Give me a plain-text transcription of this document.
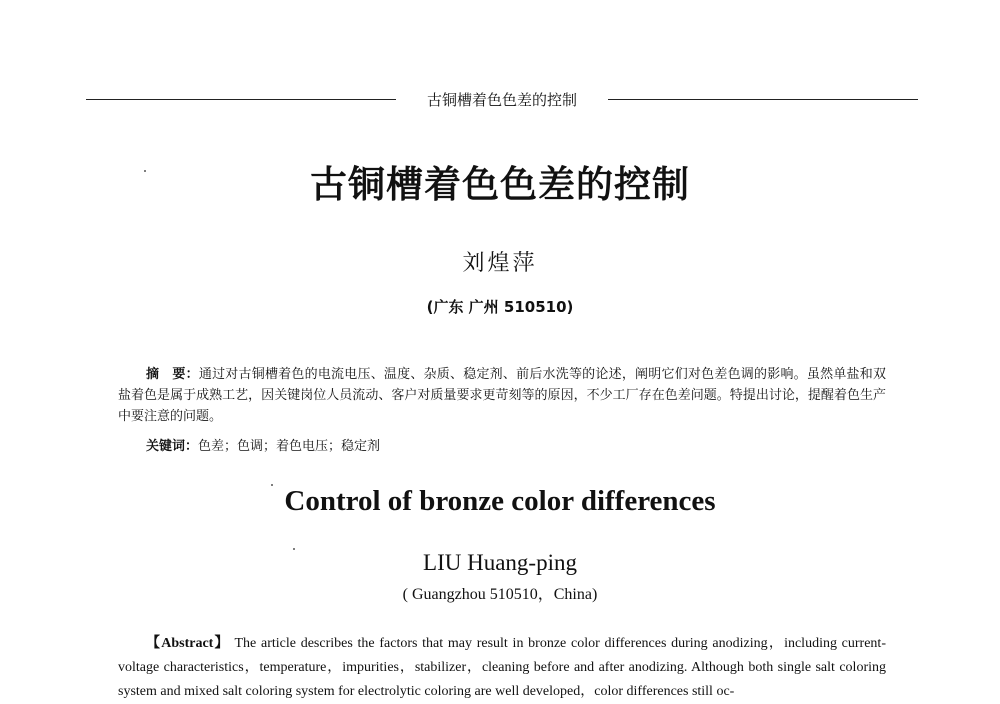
古铜槽着色色差的控制
古铜槽着色色差的控制
刘煌萍
(广东 广州 510510)

摘　要：通过对古铜槽着色的电流电压、温度、杂质、稳定剂、前后水洗等的论述，阐明它们对色差色调的影响。虽然单盐和双盐着色是属于成熟工艺，因关键岗位人员流动、客户对质量要求更苛刻等的原因，不少工厂存在色差问题。特提出讨论，提醒着色生产中要注意的问题。

关键词：色差；色调；着色电压；稳定剂
Control of bronze color differences
LIU Huang-ping
( Guangzhou 510510，China)
【Abstract】 The article describes the factors that may result in bronze color differences during anodizing，including current-voltage characteristics，temperature，impurities，stabilizer，cleaning before and after anodizing. Although both single salt coloring system and mixed salt coloring system for electrolytic coloring are well developed，color differences still oc-
